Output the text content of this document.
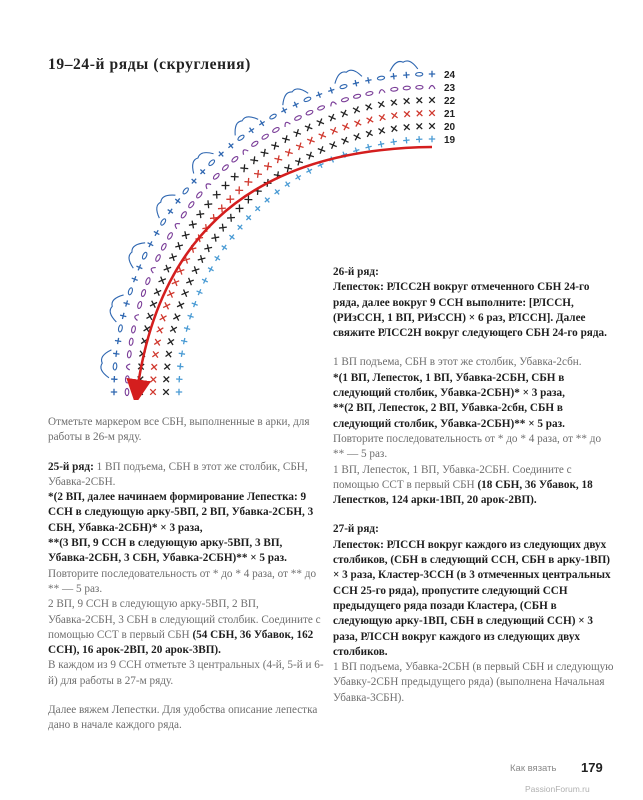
19–24-й ряды (скругления)
19
20
21
22
23
24

Отметьте маркером все СБН, выполненные в арки, для работы в 26-м ряду.

25-й ряд: 1 ВП подъема, СБН в этот же столбик, СБН, Убавка-2СБН.

*(2 ВП, далее начинаем формирование Лепестка: 9 ССН в следующую арку-5ВП, 2 ВП, Убавка-2СБН, 3 СБН, Убавка-2СБН)* × 3 раза,

**(3 ВП, 9 ССН в следующую арку-5ВП, 3 ВП, Убавка-2СБН, 3 СБН, Убавка-2СБН)** × 5 раз.

Повторите последовательность от * до * 4 раза, от ** до ** — 5 раз.

2 ВП, 9 ССН в следующую арку-5ВП, 2 ВП, Убавка-2СБН, 3 СБН в следующий столбик. Соедините с помощью ССТ в первый СБН (54 СБН, 36 Убавок, 162 ССН), 16 арок-2ВП, 20 арок-3ВП).

В каждом из 9 ССН отметьте 3 центральных (4-й, 5-й и 6-й) для работы в 27-м ряду.

Далее вяжем Лепестки. Для удобства описание лепестка дано в начале каждого ряда.

26-й ряд:

Лепесток: РЛСС2Н вокруг отмеченного СБН 24-го ряда, далее вокруг 9 ССН выполните: [РЛССН, (РИзССН, 1 ВП, РИзССН) × 6 раз, РЛССН]. Далее свяжите РЛСС2Н вокруг следующего СБН 24-го ряда.

1 ВП подъема, СБН в этот же столбик, Убавка-2сбн.

*(1 ВП, Лепесток, 1 ВП, Убавка-2СБН, СБН в следующий столбик, Убавка-2СБН)* × 3 раза,

**(2 ВП, Лепесток, 2 ВП, Убавка-2сбн, СБН в следующий столбик, Убавка-2СБН)** × 5 раз.

Повторите последовательность от * до * 4 раза, от ** до ** — 5 раз.

1 ВП, Лепесток, 1 ВП, Убавка-2СБН. Соедините с помощью ССТ в первый СБН (18 СБН, 36 Убавок, 18 Лепестков, 124 арки-1ВП, 20 арок-2ВП).

27-й ряд:

Лепесток: РЛССН вокруг каждого из следующих двух столбиков, (СБН в следующий ССН, СБН в арку-1ВП) × 3 раза, Кластер-3ССН (в 3 отмеченных центральных ССН 25-го ряда), пропустите следующий ССН предыдущего ряда позади Кластера, (СБН в следующую арку-1ВП, СБН в следующий ССН) × 3 раза, РЛССН вокруг каждого из следующих двух столбиков.

1 ВП подъема, Убавка-2СБН (в первый СБН и следующую Убавку-2СБН предыдущего ряда) (выполнена Начальная Убавка-3СБН).

Как вязать 179
PassionForum.ru
